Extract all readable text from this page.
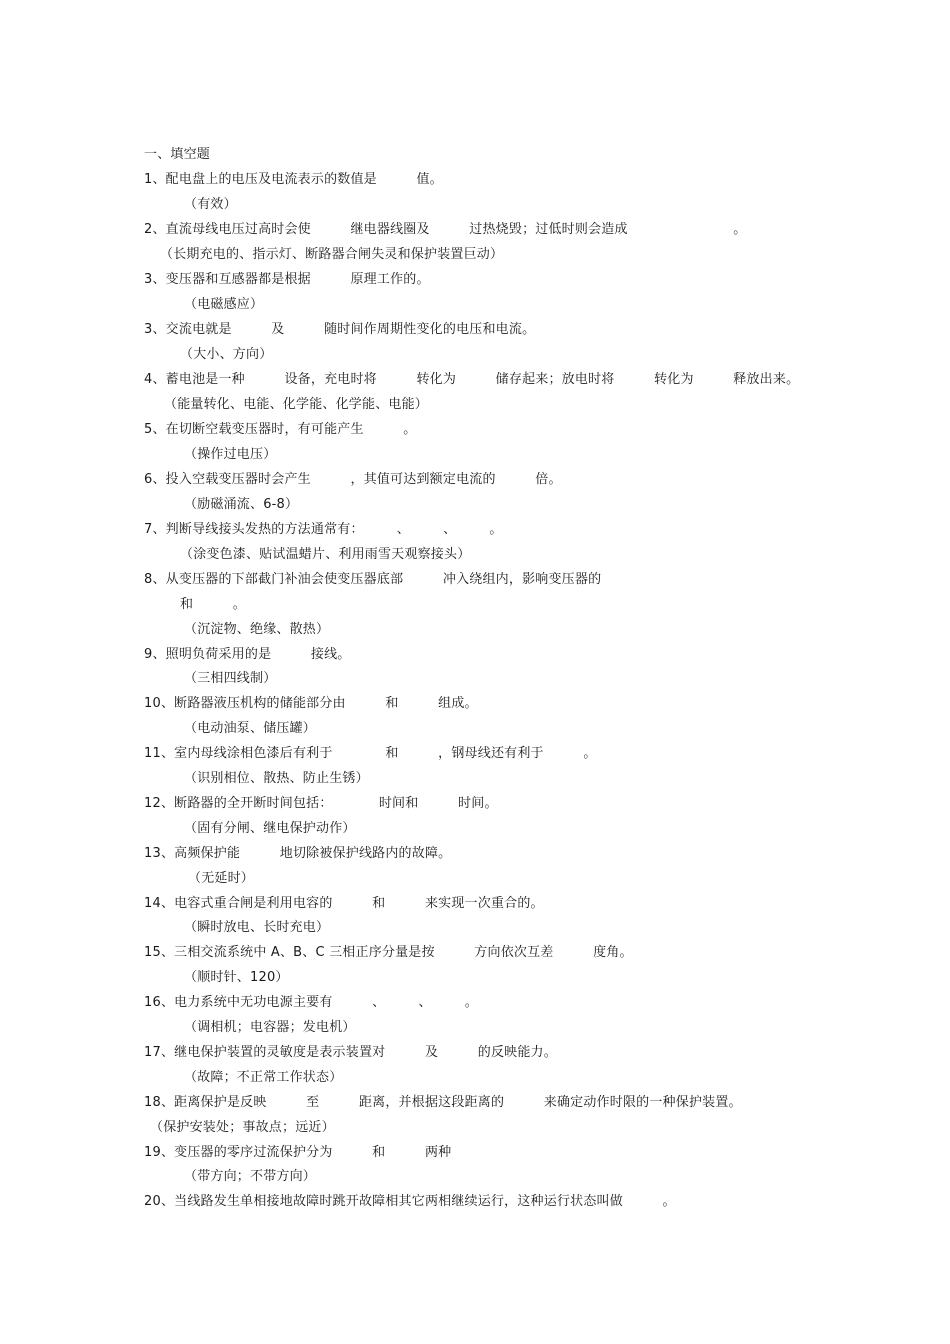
一、填空题
1、配电盘上的电压及电流表示的数值是　　　值。
（有效）
2、直流母线电压过高时会使　　　继电器线圈及　　　过热烧毁；过低时则会造成　　　　　　　　。
（长期充电的、指示灯、断路器合闸失灵和保护装置巨动）
3、变压器和互感器都是根据　　　原理工作的。
（电磁感应）
3、交流电就是　　　及　　　随时间作周期性变化的电压和电流。
（大小、方向）
4、蓄电池是一种　　　设备，充电时将　　　转化为　　　储存起来；放电时将　　　转化为　　　释放出来。
（能量转化、电能、化学能、化学能、电能）
5、在切断空载变压器时，有可能产生　　　。
（操作过电压）
6、投入空载变压器时会产生　　　，其值可达到额定电流的　　　倍。
（励磁涌流、6-8）
7、判断导线接头发热的方法通常有：　　　、　　　、　　　。
（涂变色漆、贴试温蜡片、利用雨雪天观察接头）
8、从变压器的下部截门补油会使变压器底部　　　冲入绕组内，影响变压器的
和　　　。
（沉淀物、绝缘、散热）
9、照明负荷采用的是　　　接线。
（三相四线制）
10、断路器液压机构的储能部分由　　　和　　　组成。
（电动油泵、储压罐）
11、室内母线涂相色漆后有利于　　　　和　　　，钢母线还有利于　　　。
（识别相位、散热、防止生锈）
12、断路器的全开断时间包括：　　　　时间和　　　时间。
（固有分闸、继电保护动作）
13、高频保护能　　　地切除被保护线路内的故障。
（无延时）
14、电容式重合闸是利用电容的　　　和　　　来实现一次重合的。
（瞬时放电、长时充电）
15、三相交流系统中 A、B、C 三相正序分量是按　　　方向依次互差　　　度角。
（顺时针、120）
16、电力系统中无功电源主要有　　　、　　　、　　　。
（调相机；电容器；发电机）
17、继电保护装置的灵敏度是表示装置对　　　及　　　的反映能力。
（故障；不正常工作状态）
18、距离保护是反映　　　至　　　距离，并根据这段距离的　　　来确定动作时限的一种保护装置。
（保护安装处；事故点；远近）
19、变压器的零序过流保护分为　　　和　　　两种
（带方向；不带方向）
20、当线路发生单相接地故障时跳开故障相其它两相继续运行，这种运行状态叫做　　　。
